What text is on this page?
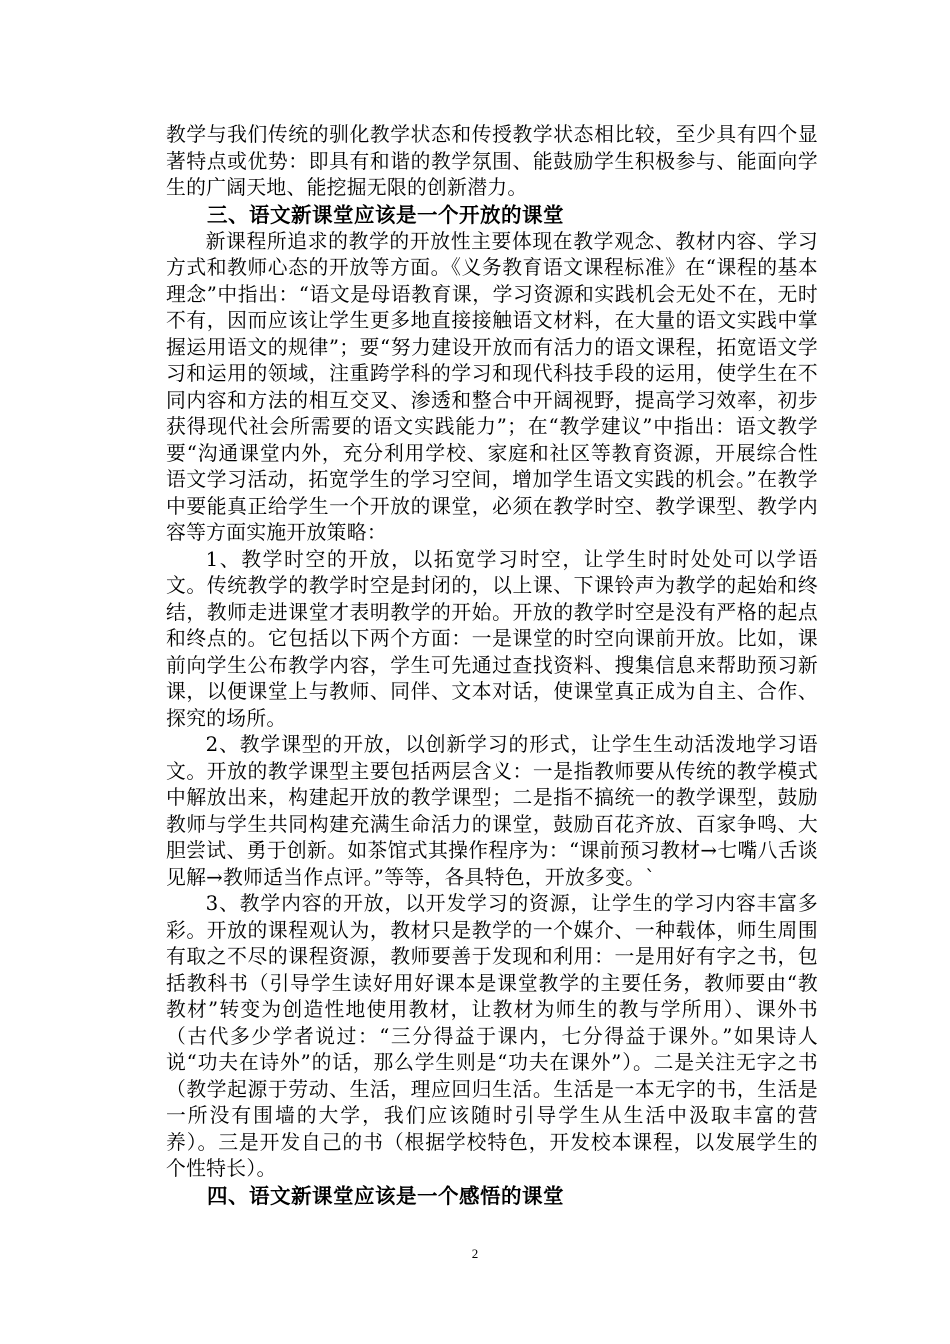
教学与我们传统的驯化教学状态和传授教学状态相比较，至少具有四个显著特点或优势：即具有和谐的教学氛围、能鼓励学生积极参与、能面向学生的广阔天地、能挖掘无限的创新潜力。

三、语文新课堂应该是一个开放的课堂

新课程所追求的教学的开放性主要体现在教学观念、教材内容、学习方式和教师心态的开放等方面。《义务教育语文课程标准》在“课程的基本理念”中指出：“语文是母语教育课，学习资源和实践机会无处不在，无时不有，因而应该让学生更多地直接接触语文材料，在大量的语文实践中掌握运用语文的规律”；要“努力建设开放而有活力的语文课程，拓宽语文学习和运用的领域，注重跨学科的学习和现代科技手段的运用，使学生在不同内容和方法的相互交叉、渗透和整合中开阔视野，提高学习效率，初步获得现代社会所需要的语文实践能力”；在“教学建议”中指出：语文教学要“沟通课堂内外，充分利用学校、家庭和社区等教育资源，开展综合性语文学习活动，拓宽学生的学习空间，增加学生语文实践的机会。”在教学中要能真正给学生一个开放的课堂，必须在教学时空、教学课型、教学内容等方面实施开放策略：

1、教学时空的开放，以拓宽学习时空，让学生时时处处可以学语文。传统教学的教学时空是封闭的，以上课、下课铃声为教学的起始和终结，教师走进课堂才表明教学的开始。开放的教学时空是没有严格的起点和终点的。它包括以下两个方面：一是课堂的时空向课前开放。比如，课前向学生公布教学内容，学生可先通过查找资料、搜集信息来帮助预习新课，以便课堂上与教师、同伴、文本对话，使课堂真正成为自主、合作、探究的场所。

2、教学课型的开放，以创新学习的形式，让学生生动活泼地学习语文。开放的教学课型主要包括两层含义：一是指教师要从传统的教学模式中解放出来，构建起开放的教学课型；二是指不搞统一的教学课型，鼓励教师与学生共同构建充满生命活力的课堂，鼓励百花齐放、百家争鸣、大胆尝试、勇于创新。如茶馆式其操作程序为：“课前预习教材→七嘴八舌谈见解→教师适当作点评。”等等，各具特色，开放多变。`

3、教学内容的开放，以开发学习的资源，让学生的学习内容丰富多彩。开放的课程观认为，教材只是教学的一个媒介、一种载体，师生周围有取之不尽的课程资源，教师要善于发现和利用：一是用好有字之书，包括教科书（引导学生读好用好课本是课堂教学的主要任务，教师要由“教教材”转变为创造性地使用教材，让教材为师生的教与学所用）、课外书（古代多少学者说过：“三分得益于课内，七分得益于课外。”如果诗人说“功夫在诗外”的话，那么学生则是“功夫在课外”）。二是关注无字之书（教学起源于劳动、生活，理应回归生活。生活是一本无字的书，生活是一所没有围墙的大学，我们应该随时引导学生从生活中汲取丰富的营养）。三是开发自己的书（根据学校特色，开发校本课程，以发展学生的个性特长）。

四、语文新课堂应该是一个感悟的课堂
2
